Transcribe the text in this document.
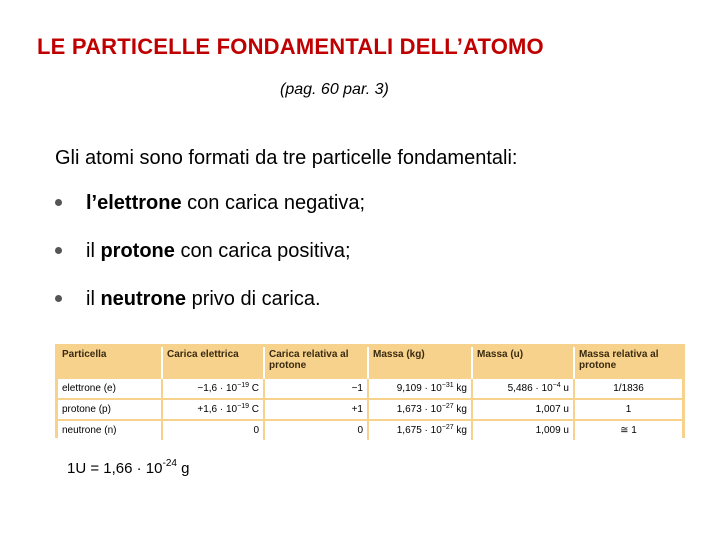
LE PARTICELLE FONDAMENTALI DELL’ATOMO
(pag. 60 par. 3)
Gli atomi sono formati da tre particelle fondamentali:
l’elettrone con carica negativa;
il protone con carica positiva;
il neutrone privo di carica.
Particella	Carica elettrica	Carica relativa al protone	Massa (kg)	Massa (u)	Massa relativa al protone
elettrone (e)	$-1,6 \cdot 10^{-19}$ C	−1	$9,109 \cdot 10^{-31}$ kg	$5,486 \cdot 10^{-4}$ u	1/1836
protone (p)	$+1,6 \cdot 10^{-19}$ C	+1	$1,673 \cdot 10^{-27}$ kg	1,007 u	1
neutrone (n)	0	0	$1,675 \cdot 10^{-27}$ kg	1,009 u	≅ 1
$1U = 1,66 \cdot 10^{-24}$ g
